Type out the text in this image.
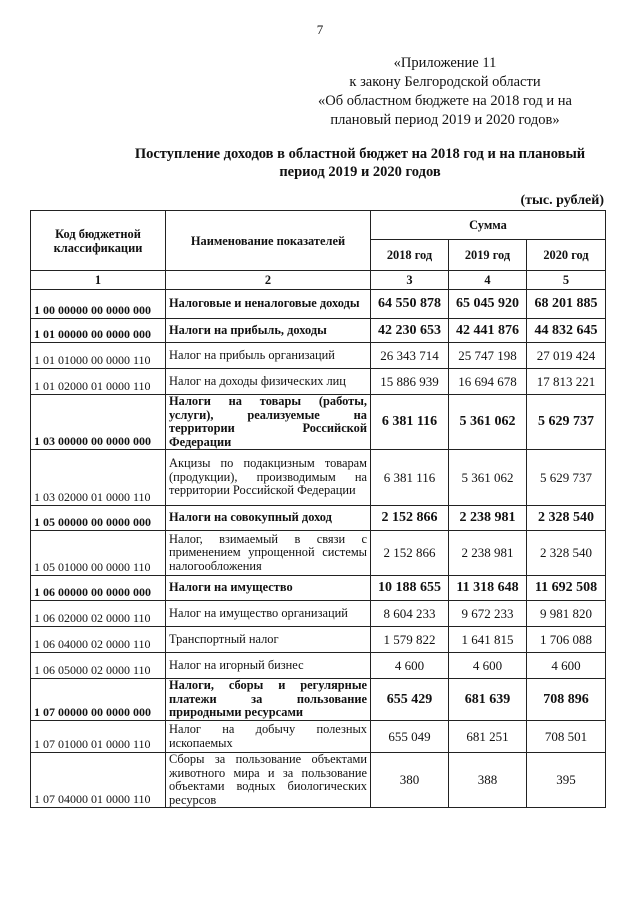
7
«Приложение 11
к закону Белгородской области
«Об областном бюджете на 2018 год и на
плановый период 2019 и 2020 годов»
Поступление доходов в областной бюджет на 2018 год и на плановый
период 2019 и 2020 годов
(тыс. рублей)
Код бюджетной классификации	Наименование показателей	Сумма		
		2018 год	2019 год	2020 год
1	2	3	4	5
1 00 00000 00 0000 000	Налоговые и неналоговые доходы	64 550 878	65 045 920	68 201 885
1 01 00000 00 0000 000	Налоги на прибыль, доходы	42 230 653	42 441 876	44 832 645
1 01 01000 00 0000 110	Налог на прибыль организаций	26 343 714	25 747 198	27 019 424
1 01 02000 01 0000 110	Налог на доходы физических лиц	15 886 939	16 694 678	17 813 221
1 03 00000 00 0000 000	Налоги на товары (работы, услуги), реализуемые на территории Российской Федерации	6 381 116	5 361 062	5 629 737
1 03 02000 01 0000 110	Акцизы по подакцизным товарам (продукции), производимым на территории Российской Федерации	6 381 116	5 361 062	5 629 737
1 05 00000 00 0000 000	Налоги на совокупный доход	2 152 866	2 238 981	2 328 540
1 05 01000 00 0000 110	Налог, взимаемый в связи с применением упрощенной системы налогообложения	2 152 866	2 238 981	2 328 540
1 06 00000 00 0000 000	Налоги на имущество	10 188 655	11 318 648	11 692 508
1 06 02000 02 0000 110	Налог на имущество организаций	8 604 233	9 672 233	9 981 820
1 06 04000 02 0000 110	Транспортный налог	1 579 822	1 641 815	1 706 088
1 06 05000 02 0000 110	Налог на игорный бизнес	4 600	4 600	4 600
1 07 00000 00 0000 000	Налоги, сборы и регулярные платежи за пользование природными ресурсами	655 429	681 639	708 896
1 07 01000 01 0000 110	Налог на добычу полезных ископаемых	655 049	681 251	708 501
1 07 04000 01 0000 110	Сборы за пользование объектами животного мира и за пользование объектами водных биологических ресурсов	380	388	395
